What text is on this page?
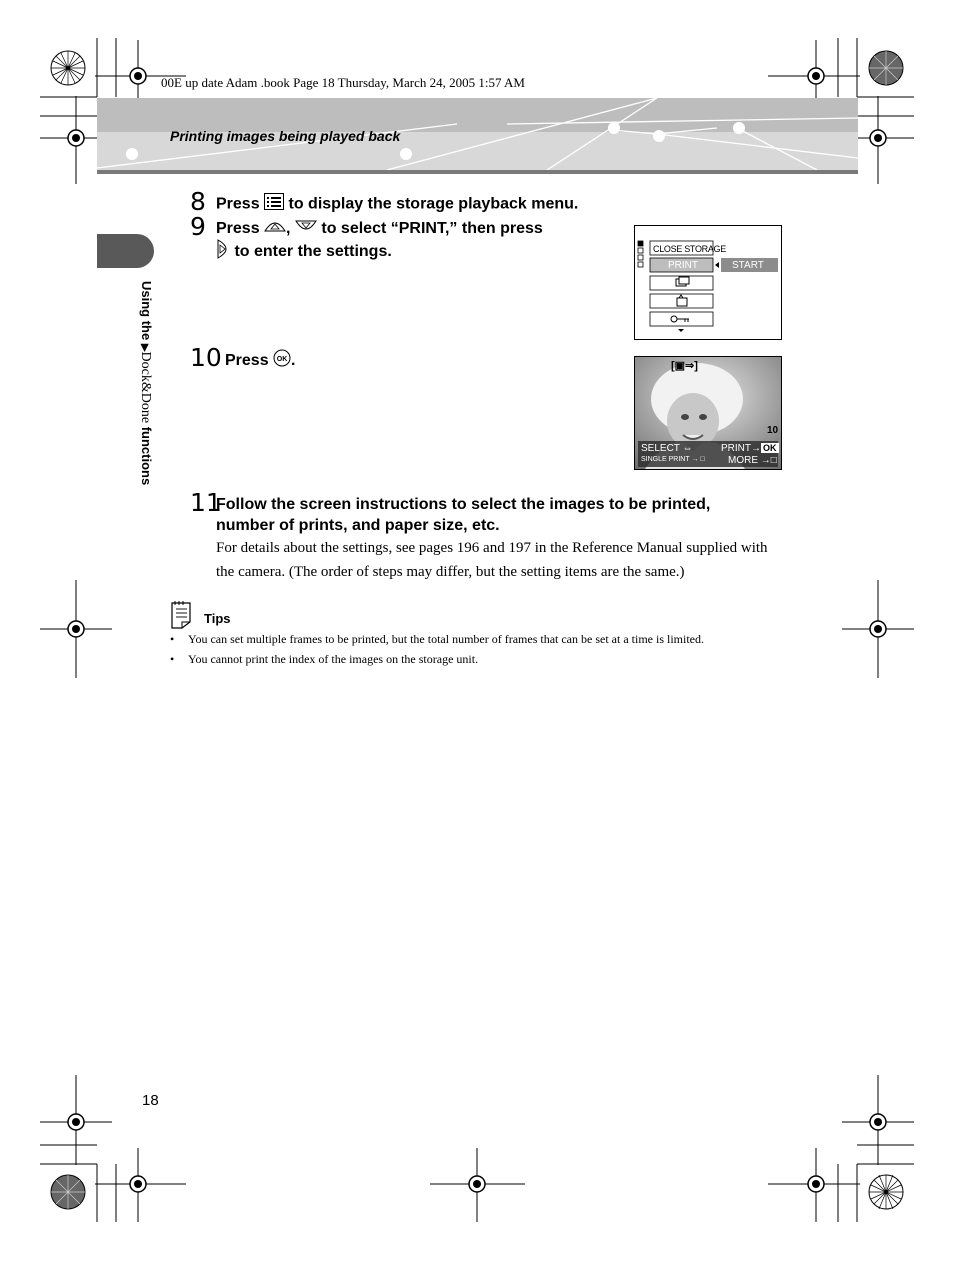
00E up date Adam .book Page 18 Thursday, March 24, 2005 1:57 AM
Printing images being played back
Using the ▶Dock&Done functions
8 Press  to display the storage playback menu.
9 Press ,  to select “PRINT,” then press
to enter the settings.
10 Press OK .
11
Follow the screen instructions to select the images to be printed,
number of prints, and paper size, etc.
For details about the settings, see pages 196 and 197 in the Reference Manual supplied with the camera. (The order of steps may differ, but the setting items are the same.)
CLOSE STORAGE
PRINT	START
[▣⇒]
10
SELECT ⇔	PRINT→ OK
SINGLE PRINT → □ MORE →□
Tips
• You can set multiple frames to be printed, but the total number of frames that can be set at a time is limited.
• You cannot print the index of the images on the storage unit.
18
